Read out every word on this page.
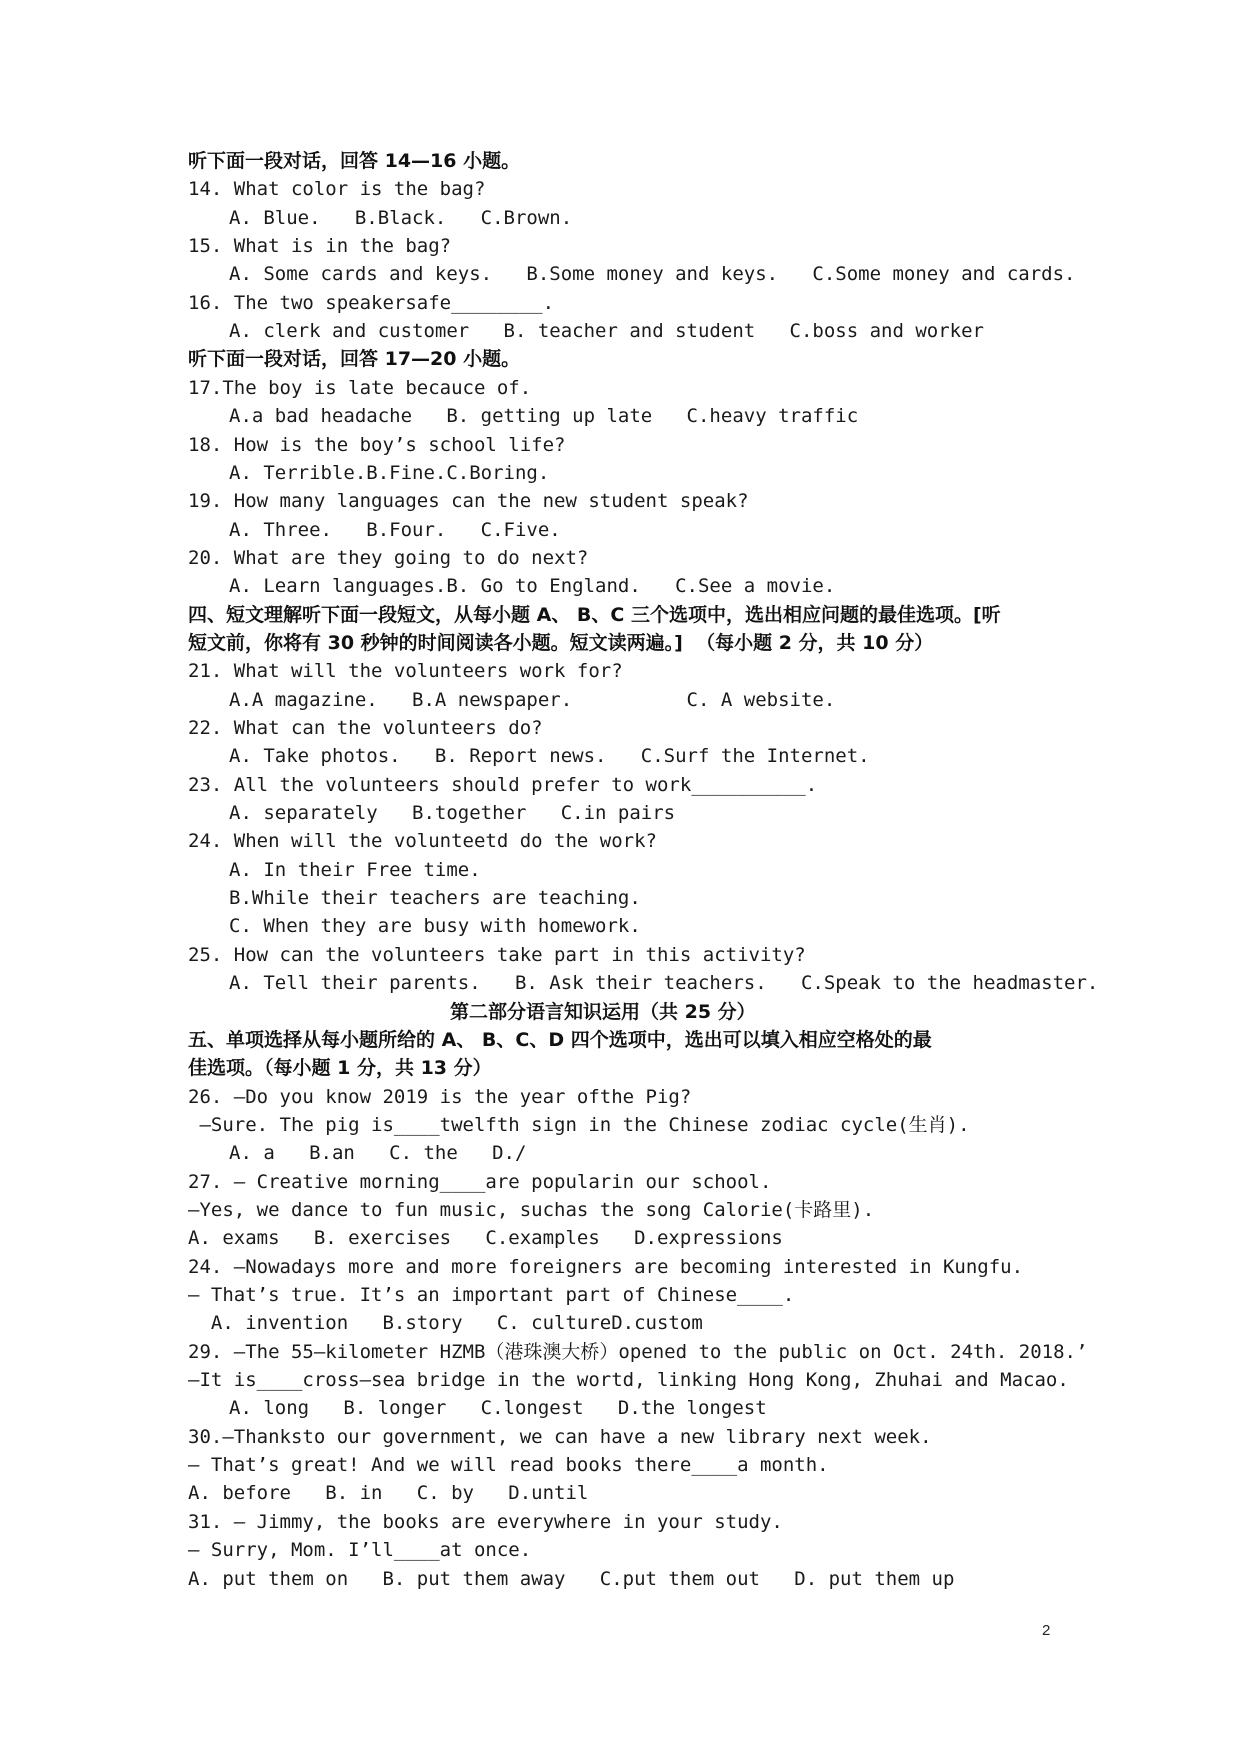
听下面一段对话，回答 14—16 小题。
14. What color is the bag?
A. Blue.   B.Black.   C.Brown.
15. What is in the bag?
A. Some cards and keys.   B.Some money and keys.   C.Some money and cards.
16. The two speakersafe________.
A. clerk and customer   B. teacher and student   C.boss and worker
听下面一段对话，回答 17—20 小题。
17.The boy is late becauce of.
A.a bad headache   B. getting up late   C.heavy traffic
18. How is the boy’s school life?
A. Terrible.B.Fine.C.Boring.
19. How many languages can the new student speak?
A. Three.   B.Four.   C.Five.
20. What are they going to do next?
A. Learn languages.B. Go to England.   C.See a movie.
四、短文理解听下面一段短文，从每小题 A、 B、C 三个选项中，选出相应问题的最佳选项。[听
短文前，你将有 30 秒钟的时间阅读各小题。短文读两遍。]  （每小题 2 分，共 10 分）
21. What will the volunteers work for?
A.A magazine.   B.A newspaper.          C. A website.
22. What can the volunteers do?
A. Take photos.   B. Report news.   C.Surf the Internet.
23. All the volunteers should prefer to work__________.
A. separately   B.together   C.in pairs
24. When will the volunteetd do the work?
A. In their Free time.
B.While their teachers are teaching.
C. When they are busy with homework.
25. How can the volunteers take part in this activity?
A. Tell their parents.   B. Ask their teachers.   C.Speak to the headmaster.
第二部分语言知识运用（共 25 分）
五、单项选择从每小题所给的 A、 B、C、D 四个选项中，选出可以填入相应空格处的最
佳选项。（每小题 1 分，共 13 分）
26. —Do you know 2019 is the year ofthe Pig?
—Sure. The pig is____twelfth sign in the Chinese zodiac cycle(生肖).
A. a   B.an   C. the   D./
27. — Creative morning____are popularin our school.
—Yes, we dance to fun music, suchas the song Calorie(卡路里).
A. exams   B. exercises   C.examples   D.expressions
24. —Nowadays more and more foreigners are becoming interested in Kungfu.
— That’s true. It’s an important part of Chinese____.
A. invention   B.story   C. cultureD.custom
29. —The 55—kilometer HZMB（港珠澳大桥）opened to the public on Oct. 24th. 2018.’
—It is____cross—sea bridge in the wortd, linking Hong Kong, Zhuhai and Macao.
A. long   B. longer   C.longest   D.the longest
30.—Thanksto our government, we can have a new library next week.
— That’s great! And we will read books there____a month.
A. before   B. in   C. by   D.until
31. — Jimmy, the books are everywhere in your study.
— Surry, Mom. I’ll____at once.
A. put them on   B. put them away   C.put them out   D. put them up
2
